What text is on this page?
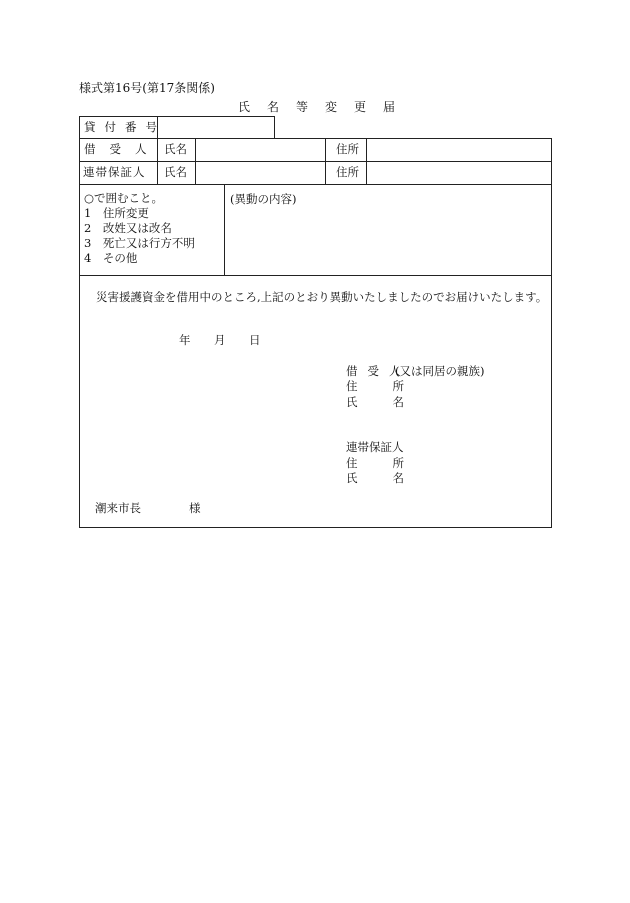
様式第16号(第17条関係)
氏名等変更届
貸付番号
借受人 氏名	住所
連帯保証人 氏名	住所
○で囲むこと。
1　住所変更
2　改姓又は改名
3　死亡又は行方不明
4　その他
(異動の内容)
災害援護資金を借用中のところ,上記のとおり異動いたしましたのでお届けいたします。
年 月 日
借受人
(又は同居の親族)
住所
氏名
連帯保証人
住所
氏名
潮来市長	様
